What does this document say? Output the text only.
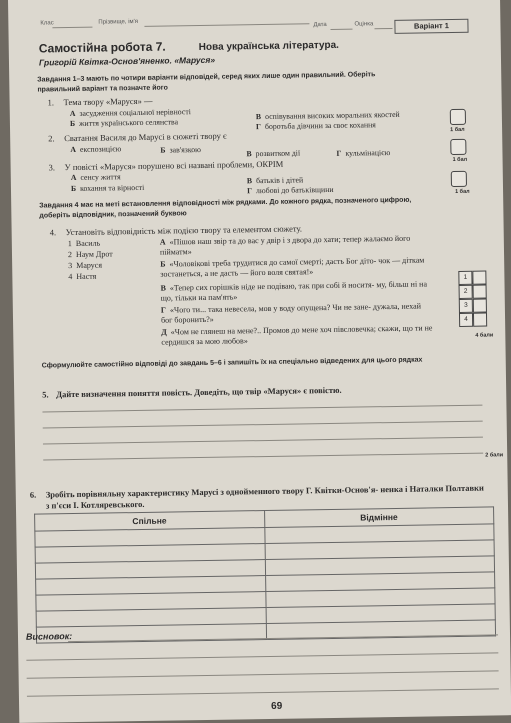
Клас	Прізвище, ім'я	Дата	Оцінка	Варіант 1
Самостійна робота 7.	Нова українська література.
Григорій Квітка-Основ'яненко. «Маруся»
Завдання 1–3 мають по чотири варіанти відповідей, серед яких лише один правильний. Оберіть правильний варіант та позначте його
1. Тема твору «Маруся» —
А засудження соціальної нерівності
Б життя українського селянства
В оспівування високих моральних якостей
Г боротьба дівчини за своє кохання	1 бал
2. Сватання Василя до Марусі в сюжеті твору є
А експозицією	Б зав'язкою	В розвитком дії	Г кульмінацією
1 бал
3. У повісті «Маруся» порушено всі названі проблеми, ОКРІМ
А сенсу життя
Б кохання та вірності
В батьків і дітей
Г любові до батьківщини	1 бал
Завдання 4 має на меті встановлення відповідності між рядками. До кожного рядка, позначеного цифрою, доберіть відповідник, позначений буквою
4. Установіть відповідність між подією твору та елементом сюжету.
1 Василь
2 Наум Дрот
3 Маруся
4 Настя
А «Пішов наш звір та до вас у двір і з двора до хати; тепер жалаємо його пійматм»
Б «Чоловікові треба трудитися до самої смерті; дасть Бог діто- чок — діткам зостанеться, а не дасть — його воля святая!»
В «Тепер сих горішків ніде не подіваю, так при собі й носитя- му, більш ні на що, тільки на пам'ять»
Г «Чого ти... така невесела, мов у воду опущена? Чи не зане- дужала, нехай бог боронить?»
Д «Чом не глянеш на мене?.. Промов до мене хоч півсловечка; скажи, що ти не сердишся за мою любов»
1
2
3
4
4 бали
Сформулюйте самостійно відповіді до завдань 5–6 і запишіть їх на спеціально відведених для цього рядках
5. Дайте визначення поняття повість. Доведіть, що твір «Маруся» є повістю.
2 бали
6. Зробіть порівняльну характеристику Марусі з однойменного твору Г. Квітки-Основ'я- ненка і Наталки Полтавки з п'єси І. Котляревського.
Спільне	Відмінне

Висновок:
69
